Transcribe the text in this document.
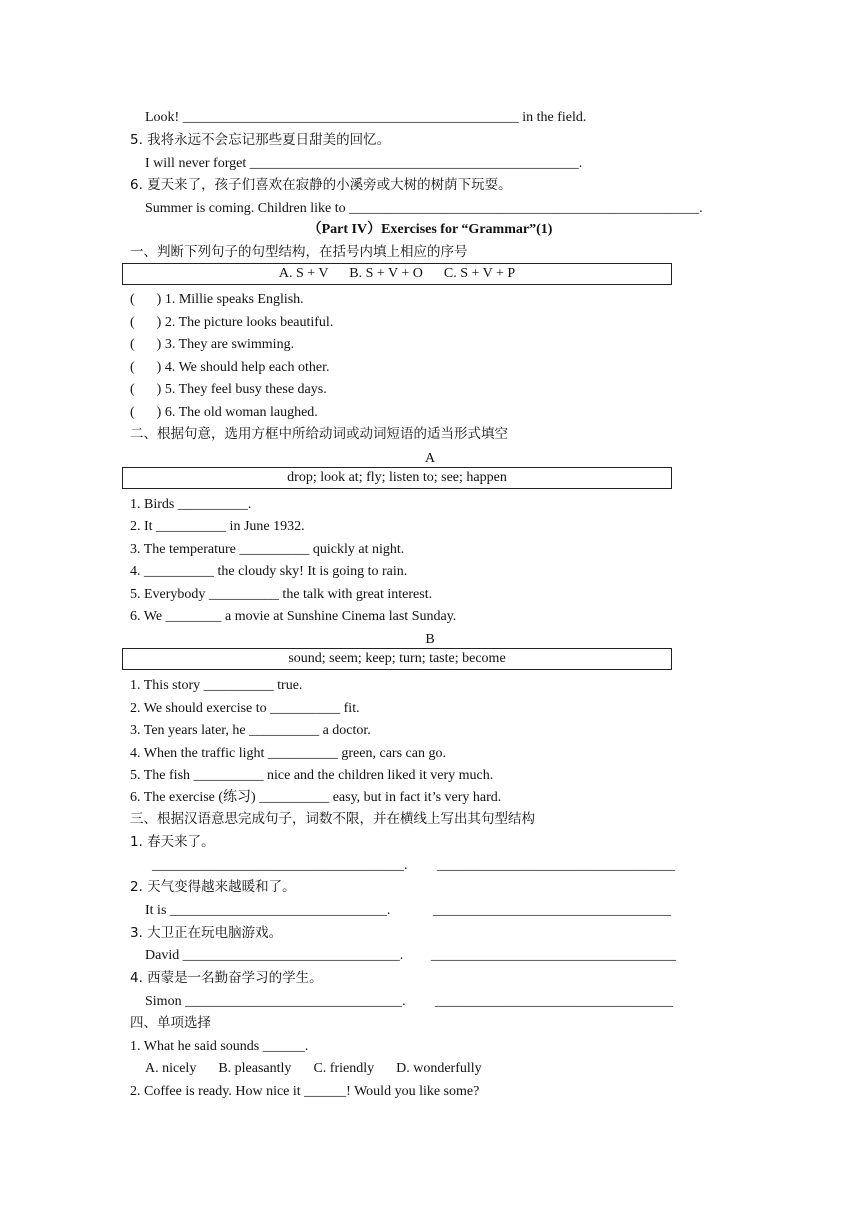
Look! ________________________________________________ in the field.
5. 我将永远不会忘记那些夏日甜美的回忆。
I will never forget _______________________________________________.
6. 夏天来了，孩子们喜欢在寂静的小溪旁或大树的树荫下玩耍。
Summer is coming. Children like to __________________________________________________.
（Part IV）Exercises for “Grammar”(1)
一、判断下列句子的句型结构，在括号内填上相应的序号
A. S + V      B. S + V + O      C. S + V + P
( ) 1. Millie speaks English.
( ) 2. The picture looks beautiful.
( ) 3. They are swimming.
( ) 4. We should help each other.
( ) 5. They feel busy these days.
( ) 6. The old woman laughed.
二、根据句意，选用方框中所给动词或动词短语的适当形式填空
A
drop; look at; fly; listen to; see; happen
1. Birds __________.
2. It __________ in June 1932.
3. The temperature __________ quickly at night.
4. __________ the cloudy sky! It is going to rain.
5. Everybody __________ the talk with great interest.
6. We ________ a movie at Sunshine Cinema last Sunday.
B
sound; seem; keep; turn; taste; become
1. This story __________ true.
2. We should exercise to __________ fit.
3. Ten years later, he __________ a doctor.
4. When the traffic light __________ green, cars can go.
5. The fish __________ nice and the children liked it very much.
6. The exercise (练习) __________ easy, but in fact it’s very hard.
三、根据汉语意思完成句子，词数不限，并在横线上写出其句型结构
1. 春天来了。
____________________________________. __________________________________
2. 天气变得越来越暖和了。
It is _______________________________.	__________________________________
3. 大卫正在玩电脑游戏。
David _______________________________. ___________________________________
4. 西蒙是一名勤奋学习的学生。
Simon _______________________________. __________________________________
四、单项选择
1. What he said sounds ______.
A. nicely B. pleasantly C. friendly D. wonderfully
2. Coffee is ready. How nice it ______! Would you like some?
